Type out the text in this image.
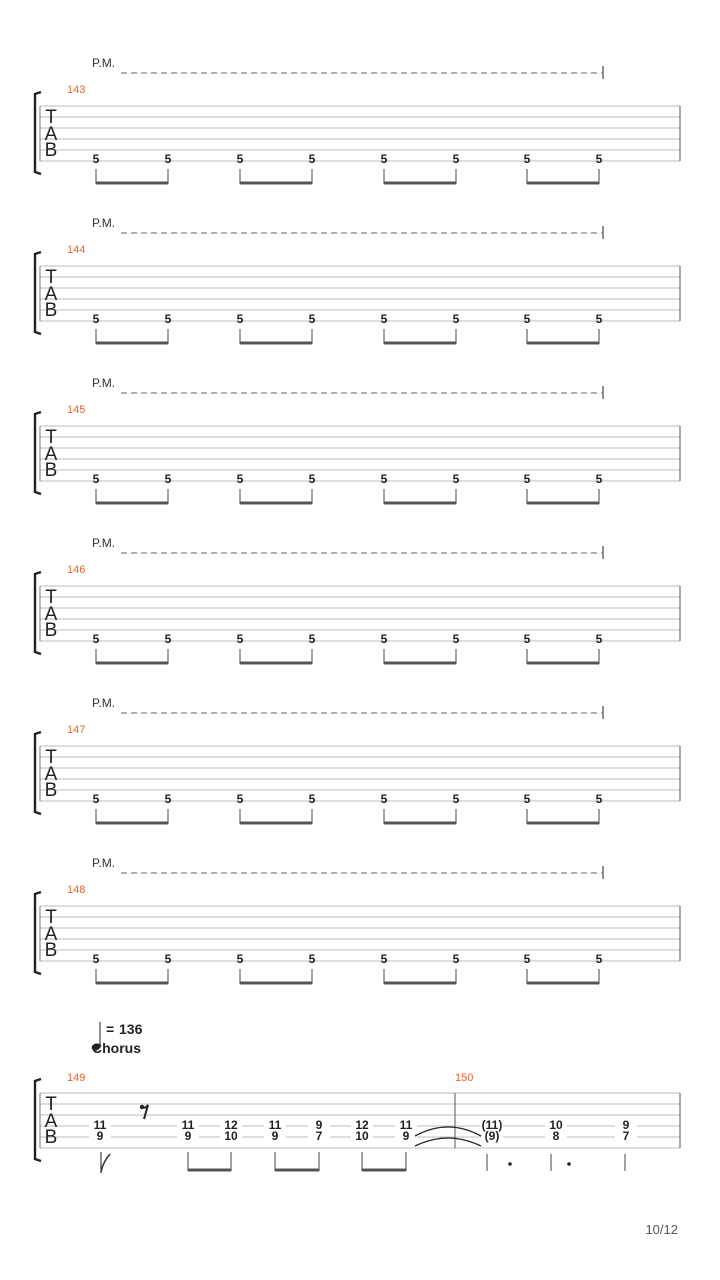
P.M.
143
T
A
B	5	5	5	5	5	5	5	5
P.M.
144
T
A
B	5	5	5	5	5	5	5	5
P.M.
145
T
A
B	5	5	5	5	5	5	5	5
P.M.
146
T
A
B	5	5	5	5	5	5	5	5
P.M.
147
T
A
B	5	5	5	5	5	5	5	5
P.M.
148
T
A
B	5	5	5	5	5	5	5	5
= 136
Chorus
149	150
T
A
B
11
9
11
9
12
10
11
9
9
7
12
10
11
9
(11)
(9)
10
8
9
7
10/12
